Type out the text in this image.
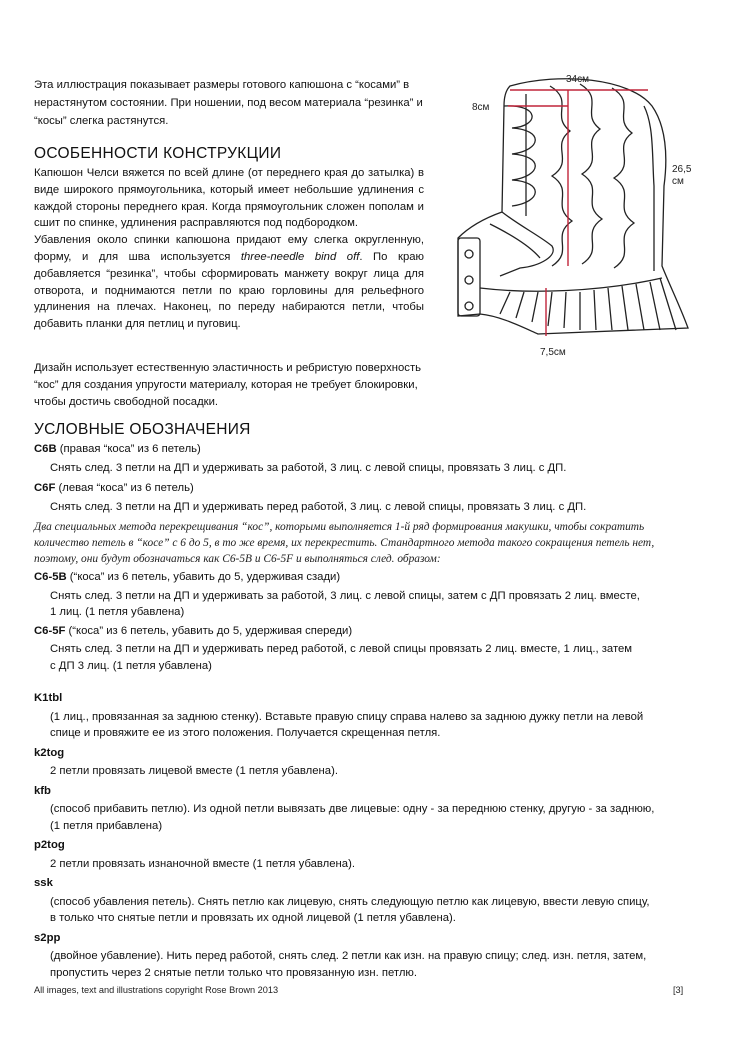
Эта иллюстрация показывает размеры готового капюшона с “косами” в нерастянутом состоянии. При ношении, под весом материала “резинка” и “косы” слегка растянутся.
ОСОБЕННОСТИ КОНСТРУКЦИИ

Капюшон Челси вяжется по всей длине (от переднего края до затылка) в виде широкого прямоугольника, который имеет небольшие удлинения с каждой стороны переднего края. Когда прямоугольник сложен пополам и сшит по спинке, удлинения расправляются под подбородком.

Убавления около спинки капюшона придают ему слегка округленную, форму, и для шва используется three-needle bind off. По краю добавляется “резинка”, чтобы сформировать манжету вокруг лица для отворота, и поднимаются петли по краю горловины для рельефного удлинения на плечах. Наконец, по переду набираются петли, чтобы добавить планки для петлиц и пуговиц.

Дизайн использует естественную эластичность и ребристую поверхность “кос” для создания упругости материалу, которая не требует блокировки, чтобы достичь свободной посадки.
34см
8см
26,5
см
7,5см
УСЛОВНЫЕ ОБОЗНАЧЕНИЯ
C6B (правая “коса” из 6 петель)
Снять след. 3 петли на ДП и удерживать за работой, 3 лиц. с левой спицы, провязать 3 лиц. с ДП.
C6F (левая “коса” из 6 петель)
Снять след. 3 петли на ДП и удерживать перед работой, 3 лиц. с левой спицы, провязать 3 лиц. с ДП.
Два специальных метода перекрещивания “кос”, которыми выполняется 1-й ряд формирования макушки, чтобы сократить количество петель в “косе” с 6 до 5, в то же время, их перекрестить. Стандартного метода такого сокращения петель нет, поэтому, они будут обозначаться как С6-5В и С6-5F и выполняться след. образом:
C6-5B (“коса” из 6 петель, убавить до 5, удерживая сзади)
Снять след. 3 петли на ДП и удерживать за работой, 3 лиц. с левой спицы, затем с ДП провязать 2 лиц. вместе,
1 лиц. (1 петля убавлена)
C6-5F (“коса” из 6 петель, убавить до 5, удерживая спереди)
Снять след. 3 петли на ДП и удерживать перед работой, с левой спицы провязать 2 лиц. вместе, 1 лиц., затем
с ДП 3 лиц. (1 петля убавлена)
K1tbl
(1 лиц., провязанная за заднюю стенку). Вставьте правую спицу справа налево за заднюю дужку петли на левой
спице и провяжите ее из этого положения. Получается скрещенная петля.
k2tog
2 петли провязать лицевой вместе (1 петля убавлена).
kfb
(способ прибавить петлю). Из одной петли вывязать две лицевые: одну - за переднюю стенку, другую - за заднюю,
(1 петля прибавлена)
p2tog
2 петли провязать изнаночной вместе (1 петля убавлена).
ssk
(способ убавления петель). Снять петлю как лицевую, снять следующую петлю как лицевую, ввести левую спицу,
в только что снятые петли и провязать их одной лицевой (1 петля убавлена).
s2pp
(двойное убавление). Нить перед работой, снять след. 2 петли как изн. на правую спицу; след. изн. петля, затем,
пропустить через 2 снятые петли только что провязанную изн. петлю.
All images, text and illustrations copyright Rose Brown 2013	[3]
